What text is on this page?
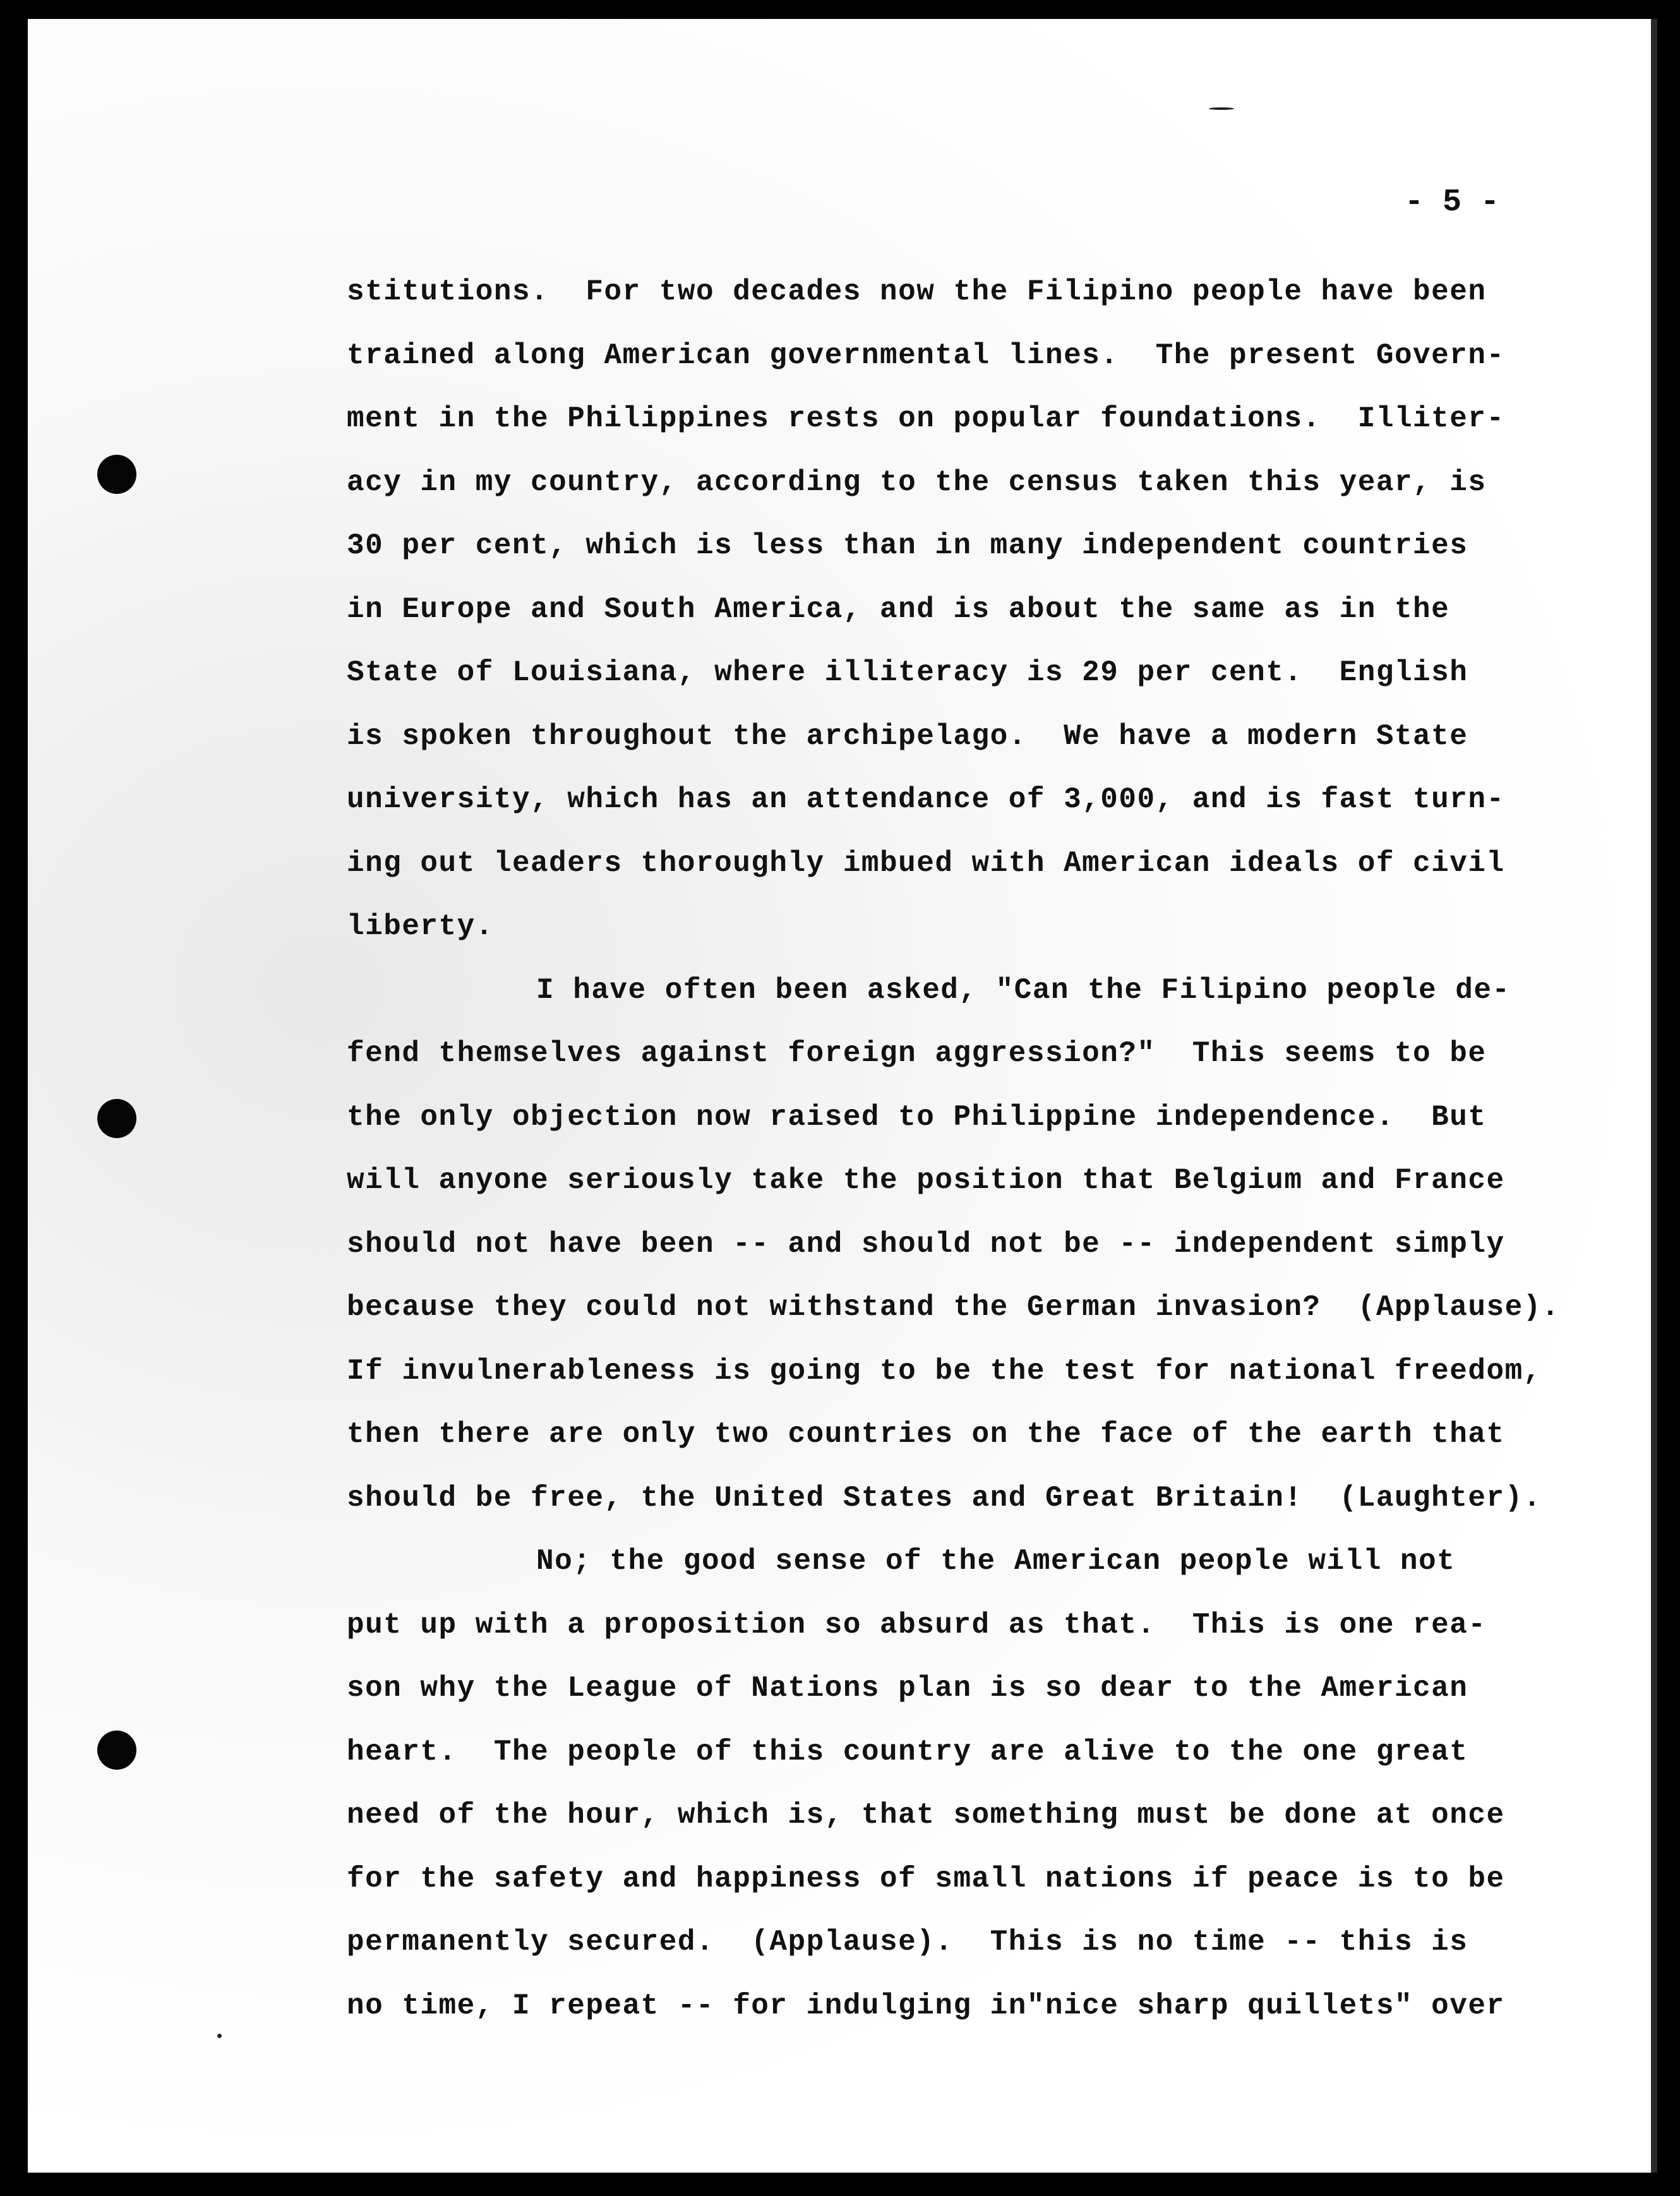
- 5 -
stitutions.  For two decades now the Filipino people have been
trained along American governmental lines.  The present Govern-
ment in the Philippines rests on popular foundations.  Illiter-
acy in my country, according to the census taken this year, is
30 per cent, which is less than in many independent countries
in Europe and South America, and is about the same as in the
State of Louisiana, where illiteracy is 29 per cent.  English
is spoken throughout the archipelago.  We have a modern State
university, which has an attendance of 3,000, and is fast turn-
ing out leaders thoroughly imbued with American ideals of civil
liberty.
I have often been asked, "Can the Filipino people de-
fend themselves against foreign aggression?"  This seems to be
the only objection now raised to Philippine independence.  But
will anyone seriously take the position that Belgium and France
should not have been -- and should not be -- independent simply
because they could not withstand the German invasion?  (Applause).
If invulnerableness is going to be the test for national freedom,
then there are only two countries on the face of the earth that
should be free, the United States and Great Britain!  (Laughter).
No; the good sense of the American people will not
put up with a proposition so absurd as that.  This is one rea-
son why the League of Nations plan is so dear to the American
heart.  The people of this country are alive to the one great
need of the hour, which is, that something must be done at once
for the safety and happiness of small nations if peace is to be
permanently secured.  (Applause).  This is no time -- this is
no time, I repeat -- for indulging in"nice sharp quillets" over
